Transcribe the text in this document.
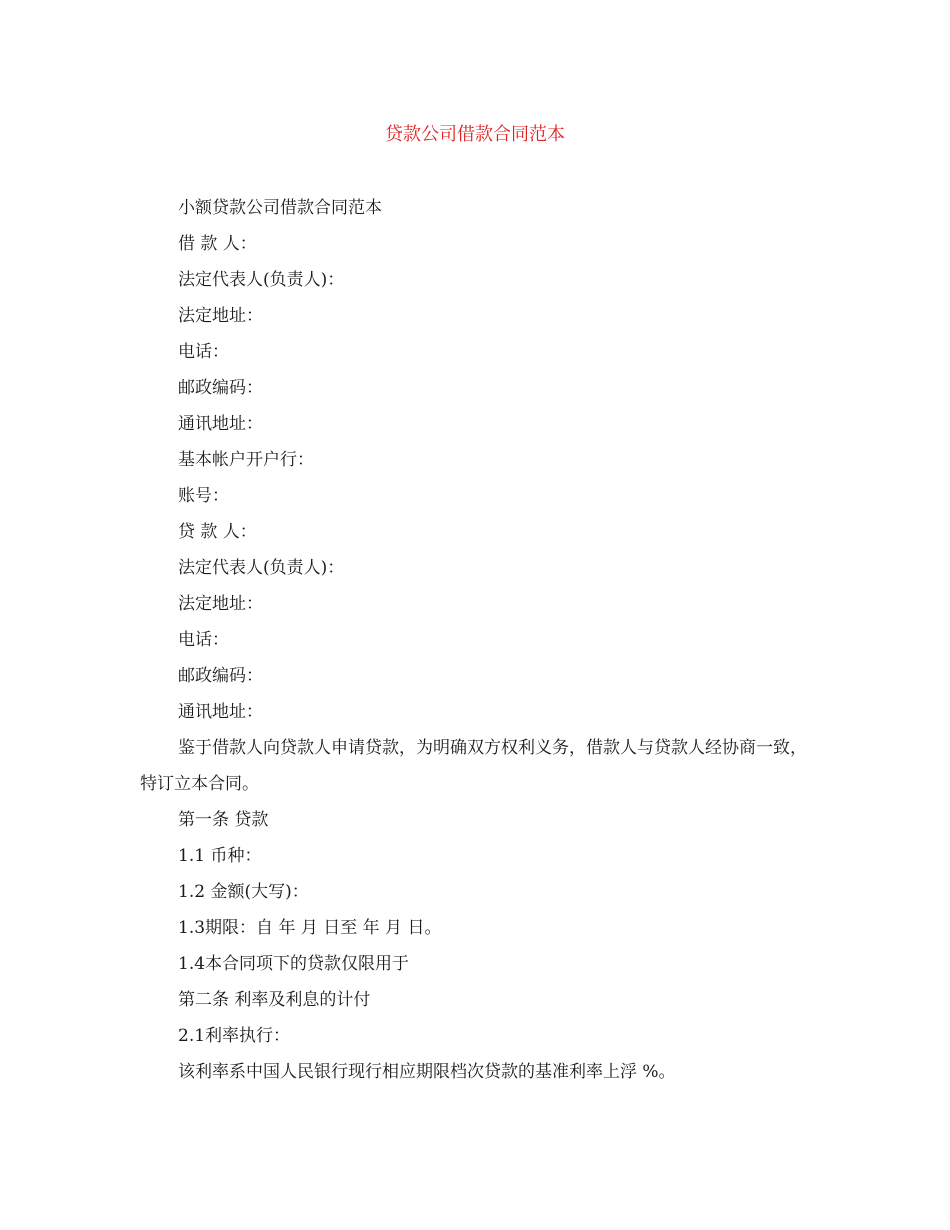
贷款公司借款合同范本

小额贷款公司借款合同范本

借 款 人：

法定代表人(负责人)：

法定地址：

电话：

邮政编码：

通讯地址：

基本帐户开户行：

账号：

贷 款 人：

法定代表人(负责人)：

法定地址：

电话：

邮政编码：

通讯地址：

鉴于借款人向贷款人申请贷款，为明确双方权利义务，借款人与贷款人经协商一致，特订立本合同。

第一条 贷款

1.1 币种：

1.2 金额(大写)：

1.3期限：自 年 月 日至 年 月 日。

1.4本合同项下的贷款仅限用于

第二条 利率及利息的计付

2.1利率执行：

该利率系中国人民银行现行相应期限档次贷款的基准利率上浮 %。
